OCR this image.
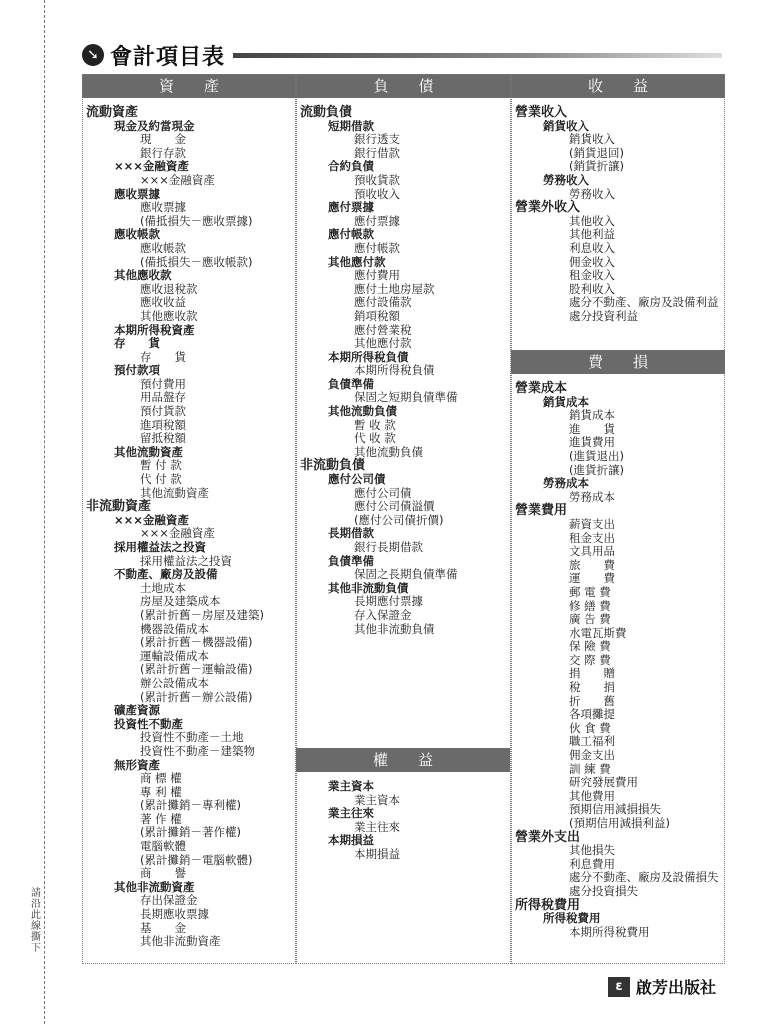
請沿此線撕下
➘ 會計項目表
資　　產
流動資產
現金及約當現金
現　　金
銀行存款
×××金融資產
×××金融資產
應收票據
應收票據
(備抵損失－應收票據)
應收帳款
應收帳款
(備抵損失－應收帳款)
其他應收款
應收退稅款
應收收益
其他應收款
本期所得稅資產
存　　貨
存　　貨
預付款項
預付費用
用品盤存
預付貨款
進項稅額
留抵稅額
其他流動資產
暫 付 款
代 付 款
其他流動資產
非流動資產
×××金融資產
×××金融資產
採用權益法之投資
採用權益法之投資
不動產、廠房及設備
土地成本
房屋及建築成本
(累計折舊－房屋及建築)
機器設備成本
(累計折舊－機器設備)
運輸設備成本
(累計折舊－運輸設備)
辦公設備成本
(累計折舊－辦公設備)
礦產資源
投資性不動產
投資性不動產－土地
投資性不動產－建築物
無形資產
商 標 權
專 利 權
(累計攤銷－專利權)
著 作 權
(累計攤銷－著作權)
電腦軟體
(累計攤銷－電腦軟體)
商　　譽
其他非流動資產
存出保證金
長期應收票據
基　　金
其他非流動資產
負　　債
流動負債
短期借款
銀行透支
銀行借款
合約負債
預收貨款
預收收入
應付票據
應付票據
應付帳款
應付帳款
其他應付款
應付費用
應付土地房屋款
應付設備款
銷項稅額
應付營業稅
其他應付款
本期所得稅負債
本期所得稅負債
負債準備
保固之短期負債準備
其他流動負債
暫 收 款
代 收 款
其他流動負債
非流動負債
應付公司債
應付公司債
應付公司債溢價
(應付公司債折價)
長期借款
銀行長期借款
負債準備
保固之長期負債準備
其他非流動負債
長期應付票據
存入保證金
其他非流動負債
權　　益
業主資本
業主資本
業主往來
業主往來
本期損益
本期損益
收　　益
營業收入
銷貨收入
銷貨收入
(銷貨退回)
(銷貨折讓)
勞務收入
勞務收入
營業外收入
其他收入
其他利益
利息收入
佣金收入
租金收入
股利收入
處分不動產、廠房及設備利益
處分投資利益
費　　損
營業成本
銷貨成本
銷貨成本
進　　貨
進貨費用
(進貨退出)
(進貨折讓)
勞務成本
勞務成本
營業費用
薪資支出
租金支出
文具用品
旅　　費
運　　費
郵 電 費
修 繕 費
廣 告 費
水電瓦斯費
保 險 費
交 際 費
捐　　贈
稅　　捐
折　　舊
各項攤提
伙 食 費
職工福利
佣金支出
訓 練 費
研究發展費用
其他費用
預期信用減損損失
(預期信用減損利益)
營業外支出
其他損失
利息費用
處分不動產、廠房及設備損失
處分投資損失
所得稅費用
所得稅費用
本期所得稅費用
ɛ 啟芳出版社
